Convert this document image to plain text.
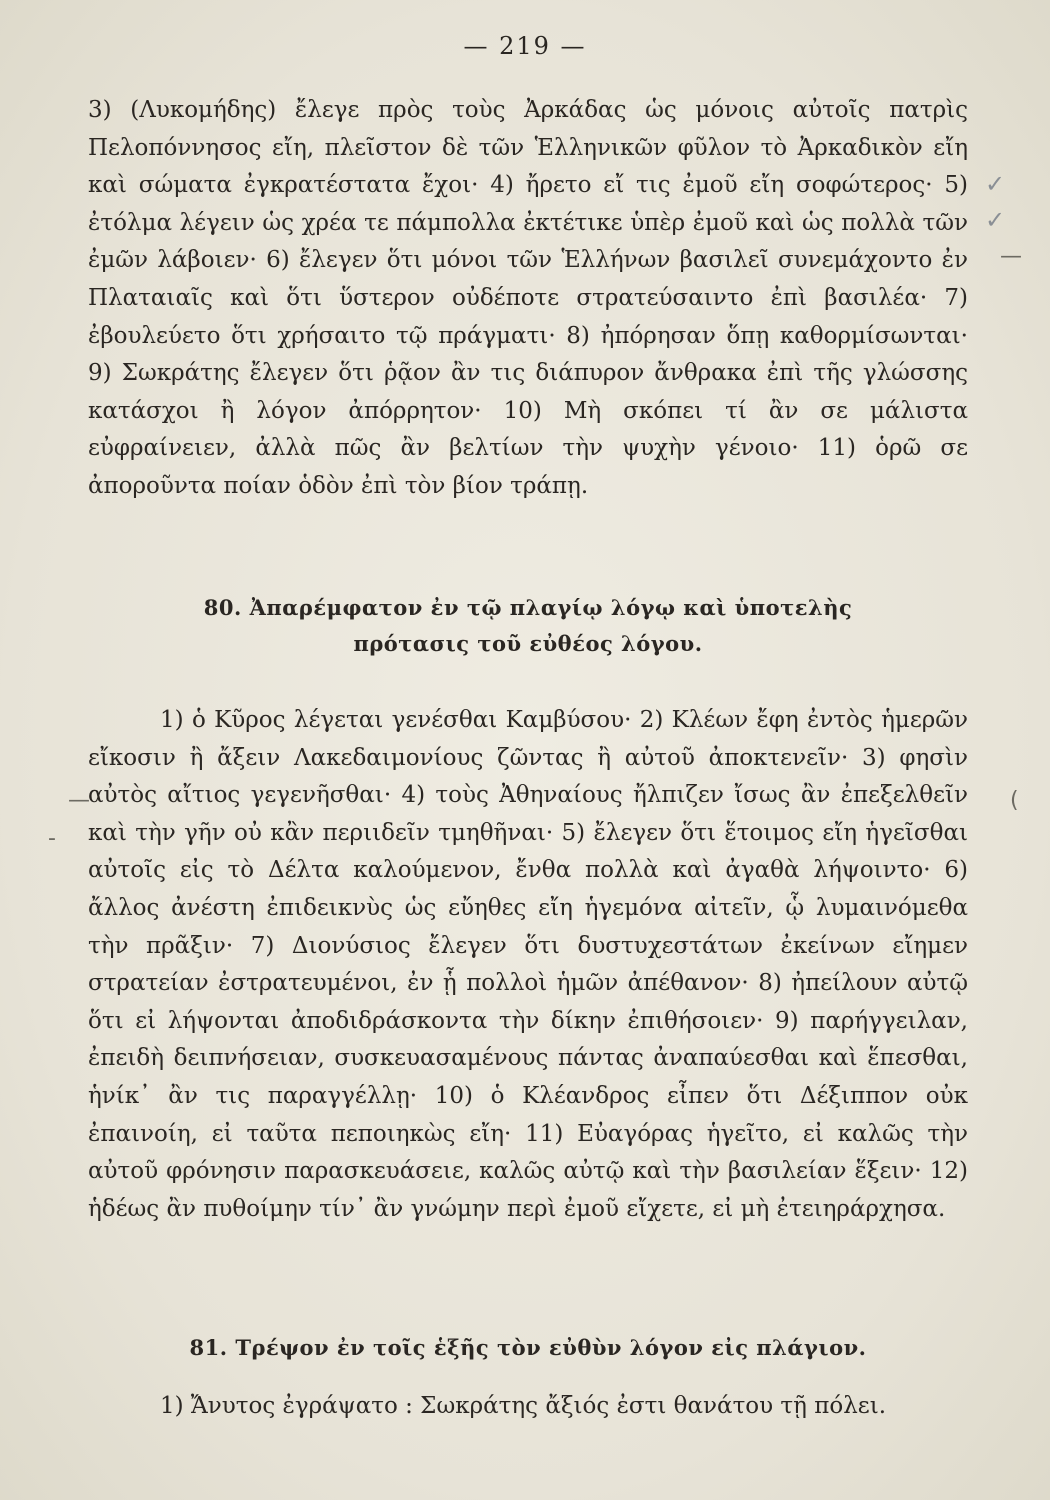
— 219 —

3) (Λυκομήδης) ἔλεγε πρὸς τοὺς Ἀρκάδας ὡς μόνοις αὐτοῖς πατρὶς Πελοπόννησος εἴη, πλεῖστον δὲ τῶν Ἑλληνικῶν φῦλον τὸ Ἀρκαδικὸν εἴη καὶ σώματα ἐγκρατέστατα ἔχοι· 4) ἤρετο εἴ τις ἐμοῦ εἴη σοφώτερος· 5) ἐτόλμα λέγειν ὡς χρέα τε πάμπολλα ἐκτέτικε ὑπὲρ ἐμοῦ καὶ ὡς πολλὰ τῶν ἐμῶν λάβοιεν· 6) ἔλεγεν ὅτι μόνοι τῶν Ἑλλήνων βασιλεῖ συνεμάχοντο ἐν Πλαταιαῖς καὶ ὅτι ὕστερον οὐδέποτε στρατεύσαιντο ἐπὶ βασιλέα· 7) ἐβουλεύετο ὅτι χρήσαιτο τῷ πράγματι· 8) ἠπόρησαν ὅπῃ καθορμίσωνται· 9) Σωκράτης ἔλεγεν ὅτι ῥᾷον ἂν τις διάπυρον ἄνθρακα ἐπὶ τῆς γλώσσης κατάσχοι ἢ λόγον ἀπόρρητον· 10) Μὴ σκόπει τί ἂν σε μάλιστα εὐφραίνειεν, ἀλλὰ πῶς ἂν βελτίων τὴν ψυχὴν γένοιο· 11) ὁρῶ σε ἀποροῦντα ποίαν ὁδὸν ἐπὶ τὸν βίον τράπῃ.

80. Ἀπαρέμφατον ἐν τῷ πλαγίῳ λόγῳ καὶ ὑποτελὴς
πρότασις τοῦ εὐθέος λόγου.

1) ὁ Κῦρος λέγεται γενέσθαι Καμβύσου· 2) Κλέων ἔφη ἐντὸς ἡμερῶν εἴκοσιν ἢ ἄξειν Λακεδαιμονίους ζῶντας ἢ αὐτοῦ ἀποκτενεῖν· 3) φησὶν αὐτὸς αἴτιος γεγενῆσθαι· 4) τοὺς Ἀθηναίους ἤλπιζεν ἴσως ἂν ἐπεξελθεῖν καὶ τὴν γῆν οὐ κἂν περιιδεῖν τμηθῆναι· 5) ἔλεγεν ὅτι ἕτοιμος εἴη ἡγεῖσθαι αὐτοῖς εἰς τὸ Δέλτα καλούμενον, ἔνθα πολλὰ καὶ ἀγαθὰ λήψοιντο· 6) ἄλλος ἀνέστη ἐπιδεικνὺς ὡς εὔηθες εἴη ἡγεμόνα αἰτεῖν, ᾧ λυμαινόμεθα τὴν πρᾶξιν· 7) Διονύσιος ἔλεγεν ὅτι δυστυχεστάτων ἐκείνων εἴημεν στρατείαν ἐστρατευμένοι, ἐν ᾗ πολλοὶ ἡμῶν ἀπέθανον· 8) ἠπείλουν αὐτῷ ὅτι εἰ λήψονται ἀποδιδράσκοντα τὴν δίκην ἐπιθήσοιεν· 9) παρήγγειλαν, ἐπειδὴ δειπνήσειαν, συσκευασαμένους πάντας ἀναπαύεσθαι καὶ ἕπεσθαι, ἡνίκ᾽ ἂν τις παραγγέλλῃ· 10) ὁ Κλέανδρος εἶπεν ὅτι Δέξιππον οὐκ ἐπαινοίη, εἰ ταῦτα πεποιηκὼς εἴη· 11) Εὐαγόρας ἡγεῖτο, εἰ καλῶς τὴν αὐτοῦ φρόνησιν παρασκευάσειε, καλῶς αὐτῷ καὶ τὴν βασιλείαν ἕξειν· 12) ἡδέως ἂν πυθοίμην τίν᾽ ἂν γνώμην περὶ ἐμοῦ εἴχετε, εἰ μὴ ἐτειηράρχησα.

81. Τρέψον ἐν τοῖς ἑξῆς τὸν εὐθὺν λόγον εἰς πλάγιον.

1) Ἄνυτος ἐγράψατο : Σωκράτης ἄξιός ἐστι θανάτου τῇ πόλει.

✓
✓
—
—	(
-
